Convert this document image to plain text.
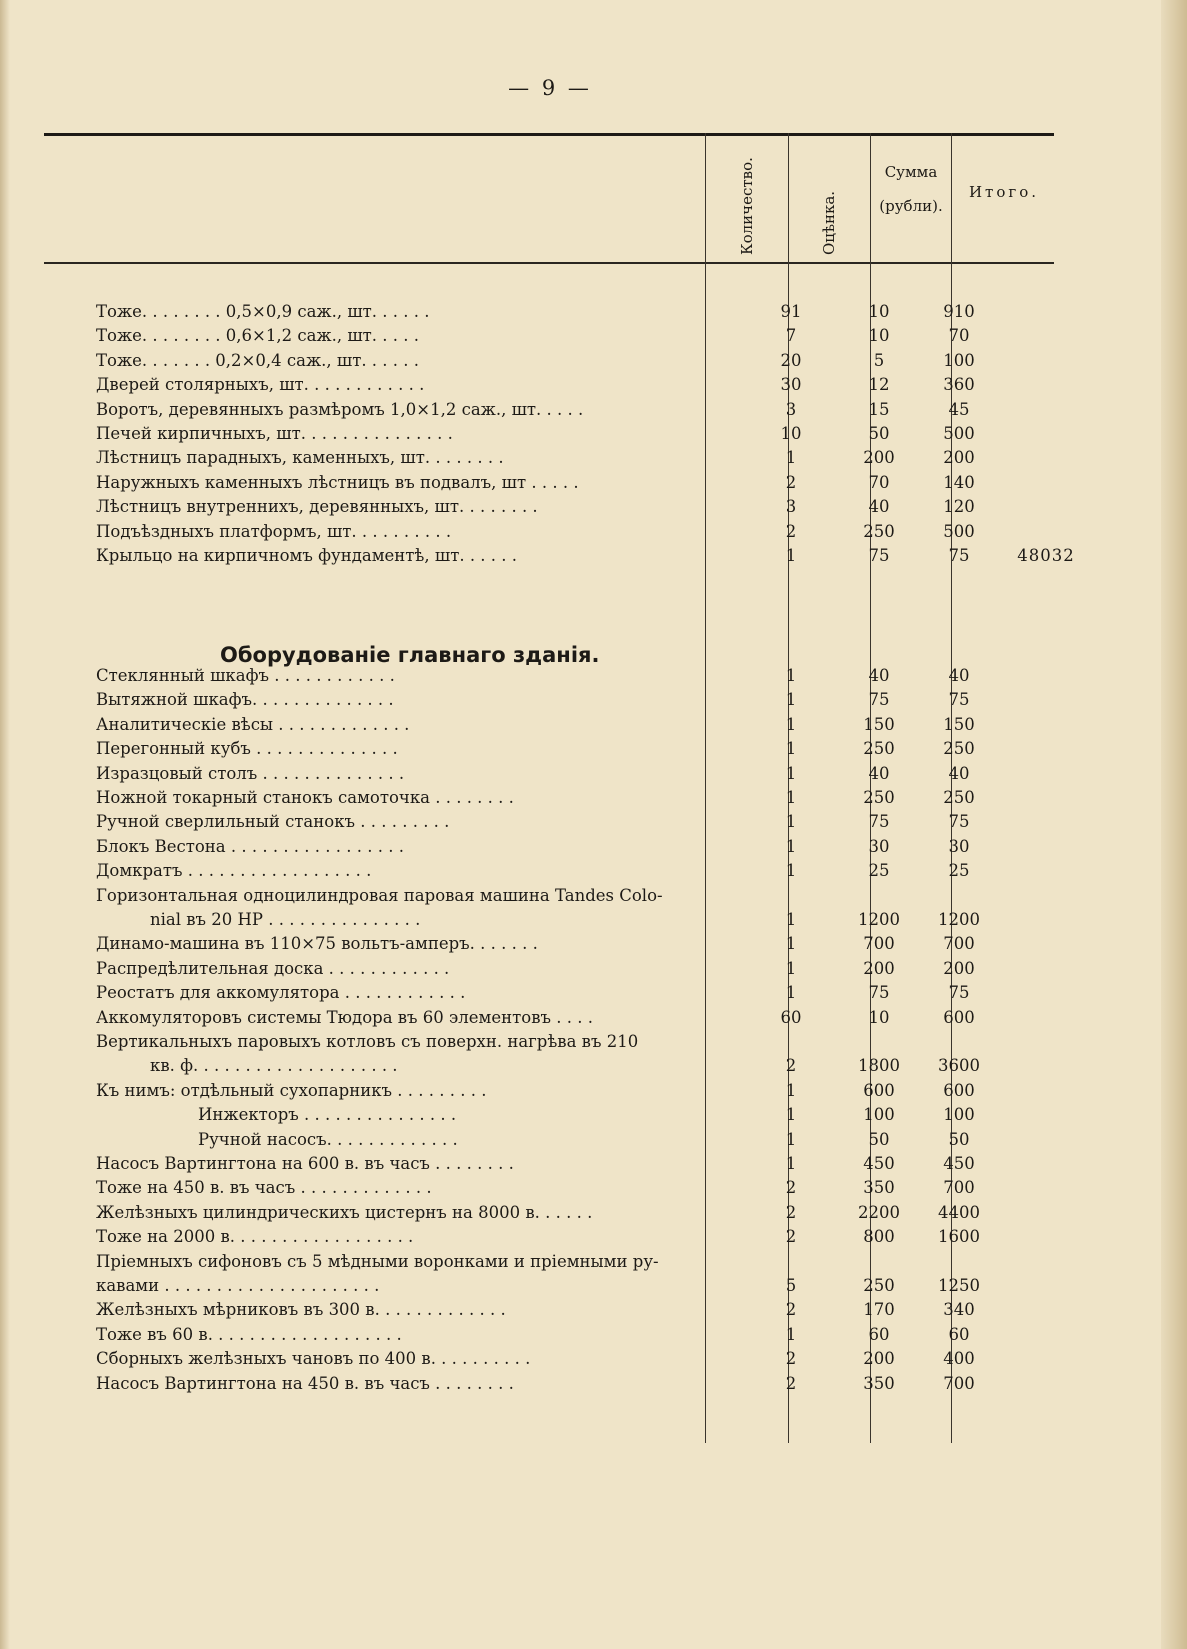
— 9 —
Количество.	Оцѣнка.
Сумма
(рубли).
Итого.
Оборудованіе главнаго зданія.
Тоже. . . . . . . . 0,5×0,9 саж., шт. . . . . .	91	10	910
Тоже. . . . . . . . 0,6×1,2 саж., шт. . . . .	7	10	70
Тоже. . . . . . . 0,2×0,4 саж., шт. . . . . .	20	5	100
Дверей столярныхъ, шт. . . . . . . . . . . .	30	12	360
Воротъ, деревянныхъ размѣромъ 1,0×1,2 саж., шт. . . . .	3	15	45
Печей кирпичныхъ, шт. . . . . . . . . . . . . . .	10	50	500
Лѣстницъ парадныхъ, каменныхъ, шт. . . . . . . .	1	200	200
Наружныхъ каменныхъ лѣстницъ въ подвалъ, шт . . . . .	2	70	140
Лѣстницъ внутреннихъ, деревянныхъ, шт. . . . . . . .	3	40	120
Подъѣздныхъ платформъ, шт. . . . . . . . . .	2	250	500
Крыльцо на кирпичномъ фундаментѣ, шт. . . . . .	1	75	75	48032
Стеклянный шкафъ . . . . . . . . . . . .	1	40	40
Вытяжной шкафъ. . . . . . . . . . . . . .	1	75	75
Аналитическіе вѣсы . . . . . . . . . . . . .	1	150	150
Перегонный кубъ . . . . . . . . . . . . . .	1	250	250
Изразцовый столъ . . . . . . . . . . . . . .	1	40	40
Ножной токарный станокъ самоточка . . . . . . . .	1	250	250
Ручной сверлильный станокъ . . . . . . . . .	1	75	75
Блокъ Вестона . . . . . . . . . . . . . . . . .	1	30	30
Домкратъ . . . . . . . . . . . . . . . . . .	1	25	25
Горизонтальная одноцилиндровая паровая машина Tandes Colo-
nial въ 20 HP . . . . . . . . . . . . . . .	1	1200	1200
Динамо-машина въ 110×75 вольтъ-амперъ. . . . . . .	1	700	700
Распредѣлительная доска . . . . . . . . . . . .	1	200	200
Реостатъ для аккомулятора . . . . . . . . . . . .	1	75	75
Аккомуляторовъ системы Тюдора въ 60 элементовъ . . . .	60	10	600
Вертикальныхъ паровыхъ котловъ съ поверхн. нагрѣва въ 210
кв. ф. . . . . . . . . . . . . . . . . . . .	2	1800	3600
Къ нимъ: отдѣльный сухопарникъ . . . . . . . . .	1	600	600
Инжекторъ . . . . . . . . . . . . . . .	1	100	100
Ручной насосъ. . . . . . . . . . . . .	1	50	50
Насосъ Вартингтона на 600 в. въ часъ . . . . . . . .	1	450	450
Тоже на 450 в. въ часъ . . . . . . . . . . . . .	2	350	700
Желѣзныхъ цилиндрическихъ цистернъ на 8000 в. . . . . .	2	2200	4400
Тоже на 2000 в. . . . . . . . . . . . . . . . . .	2	800	1600
Пріемныхъ сифоновъ съ 5 мѣдными воронками и пріемными ру-
кавами . . . . . . . . . . . . . . . . . . . . .	5	250	1250
Желѣзныхъ мѣрниковъ въ 300 в. . . . . . . . . . . . .	2	170	340
Тоже въ 60 в. . . . . . . . . . . . . . . . . . .	1	60	60
Сборныхъ желѣзныхъ чановъ по 400 в. . . . . . . . . .	2	200	400
Насосъ Вартингтона на 450 в. въ часъ . . . . . . . .	2	350	700
